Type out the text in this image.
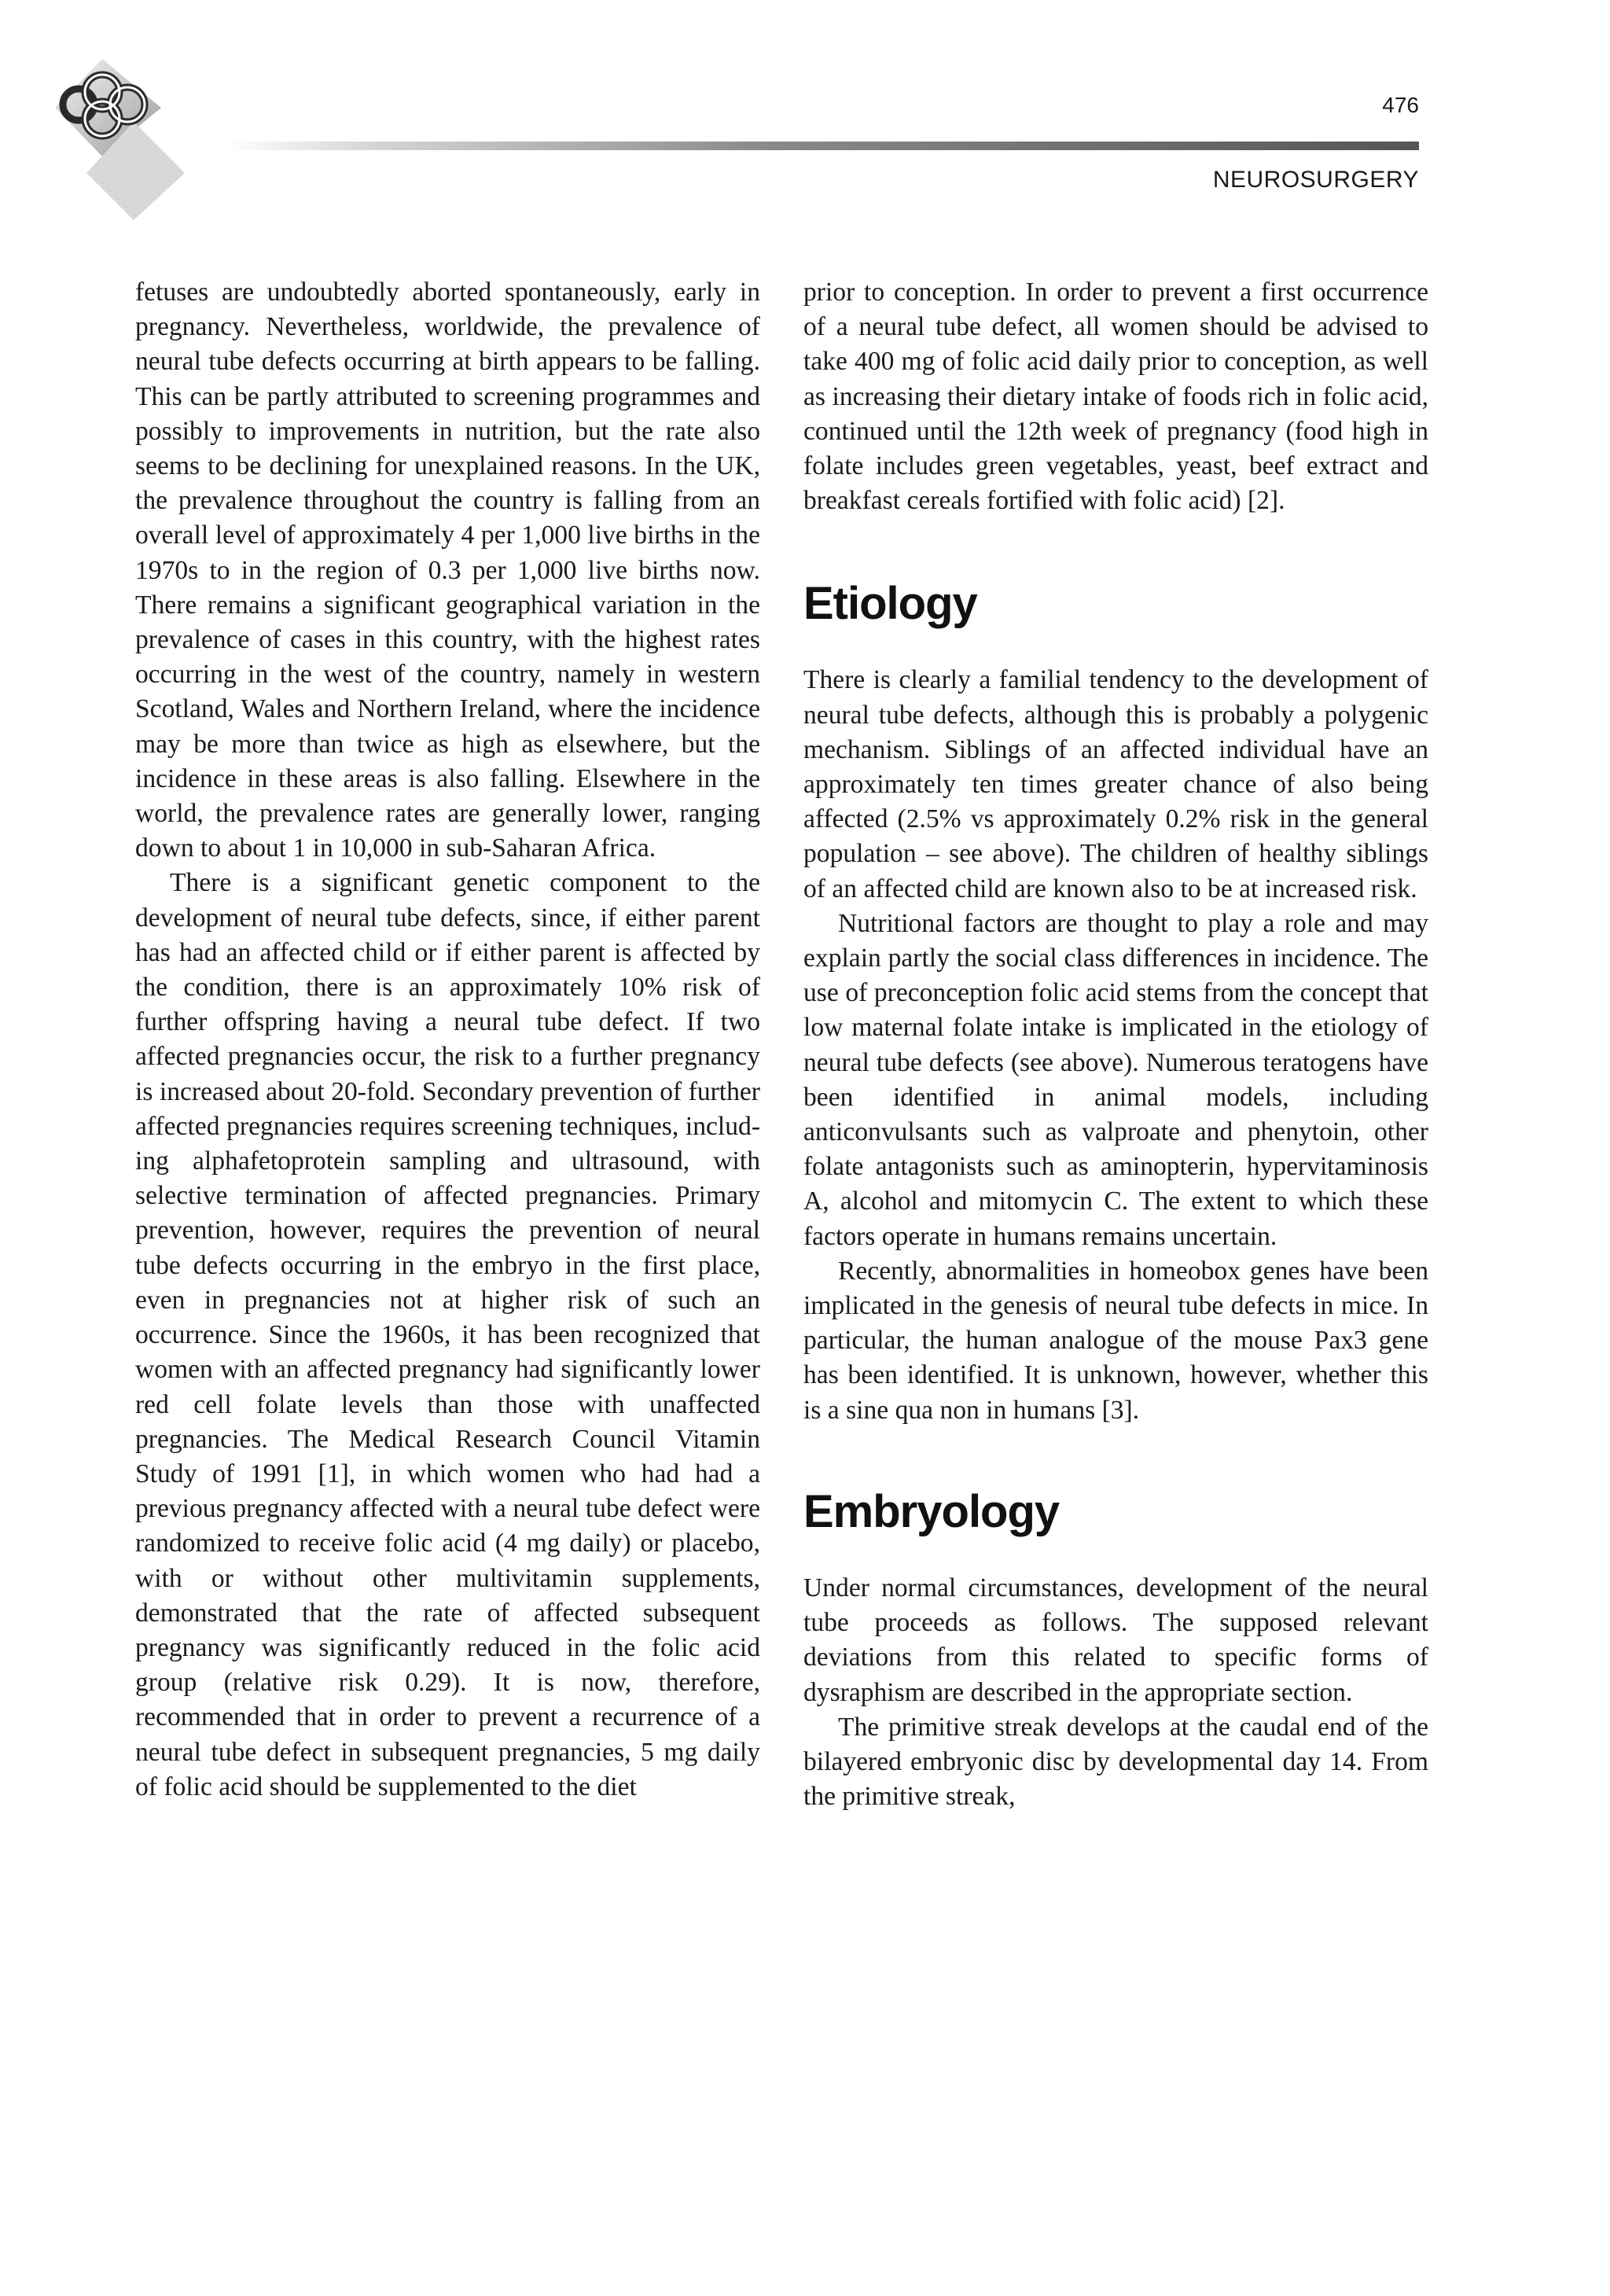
476
NEUROSURGERY

fetuses are undoubtedly aborted spontaneously, early in pregnancy. Nevertheless, worldwide, the prevalence of neural tube defects occurring at birth appears to be falling. This can be partly attributed to screening programmes and possibly to improvements in nutrition, but the rate also seems to be declining for unexplained reasons. In the UK, the prevalence throughout the country is falling from an overall level of approximately 4 per 1,000 live births in the 1970s to in the region of 0.3 per 1,000 live births now. There remains a significant geographical variation in the prevalence of cases in this country, with the highest rates occurring in the west of the country, namely in western Scotland, Wales and Northern Ireland, where the incidence may be more than twice as high as elsewhere, but the incidence in these areas is also falling. Elsewhere in the world, the prevalence rates are generally lower, ranging down to about 1 in 10,000 in sub-Saharan Africa.

There is a significant genetic component to the development of neural tube defects, since, if either parent has had an affected child or if either parent is affected by the condition, there is an approximately 10% risk of further offspring having a neural tube defect. If two affected pregnancies occur, the risk to a further pregnancy is increased about 20-fold. Secondary prevention of further affected pregnancies requires screening techniques, including alphafetoprotein sampling and ultrasound, with selective termination of affected pregnancies. Primary prevention, however, requires the prevention of neural tube defects occurring in the embryo in the first place, even in pregnancies not at higher risk of such an occurrence. Since the 1960s, it has been recognized that women with an affected pregnancy had significantly lower red cell folate levels than those with unaffected pregnancies. The Medical Research Council Vitamin Study of 1991 [1], in which women who had had a previous pregnancy affected with a neural tube defect were randomized to receive folic acid (4 mg daily) or placebo, with or without other multivitamin supplements, demonstrated that the rate of affected subsequent pregnancy was significantly reduced in the folic acid group (relative risk 0.29). It is now, therefore, recommended that in order to prevent a recurrence of a neural tube defect in subsequent pregnancies, 5 mg daily of folic acid should be supplemented to the diet

prior to conception. In order to prevent a first occurrence of a neural tube defect, all women should be advised to take 400 mg of folic acid daily prior to conception, as well as increasing their dietary intake of foods rich in folic acid, continued until the 12th week of pregnancy (food high in folate includes green vegetables, yeast, beef extract and breakfast cereals fortified with folic acid) [2].

Etiology

There is clearly a familial tendency to the development of neural tube defects, although this is probably a polygenic mechanism. Siblings of an affected individual have an approximately ten times greater chance of also being affected (2.5% vs approximately 0.2% risk in the general population – see above). The children of healthy siblings of an affected child are known also to be at increased risk.

Nutritional factors are thought to play a role and may explain partly the social class differences in incidence. The use of preconception folic acid stems from the concept that low maternal folate intake is implicated in the etiology of neural tube defects (see above). Numerous teratogens have been identified in animal models, including anticonvulsants such as valproate and phenytoin, other folate antagonists such as aminopterin, hypervitaminosis A, alcohol and mitomycin C. The extent to which these factors operate in humans remains uncertain.

Recently, abnormalities in homeobox genes have been implicated in the genesis of neural tube defects in mice. In particular, the human analogue of the mouse Pax3 gene has been identified. It is unknown, however, whether this is a sine qua non in humans [3].

Embryology

Under normal circumstances, development of the neural tube proceeds as follows. The supposed relevant deviations from this related to specific forms of dysraphism are described in the appropriate section.

The primitive streak develops at the caudal end of the bilayered embryonic disc by developmental day 14. From the primitive streak,
